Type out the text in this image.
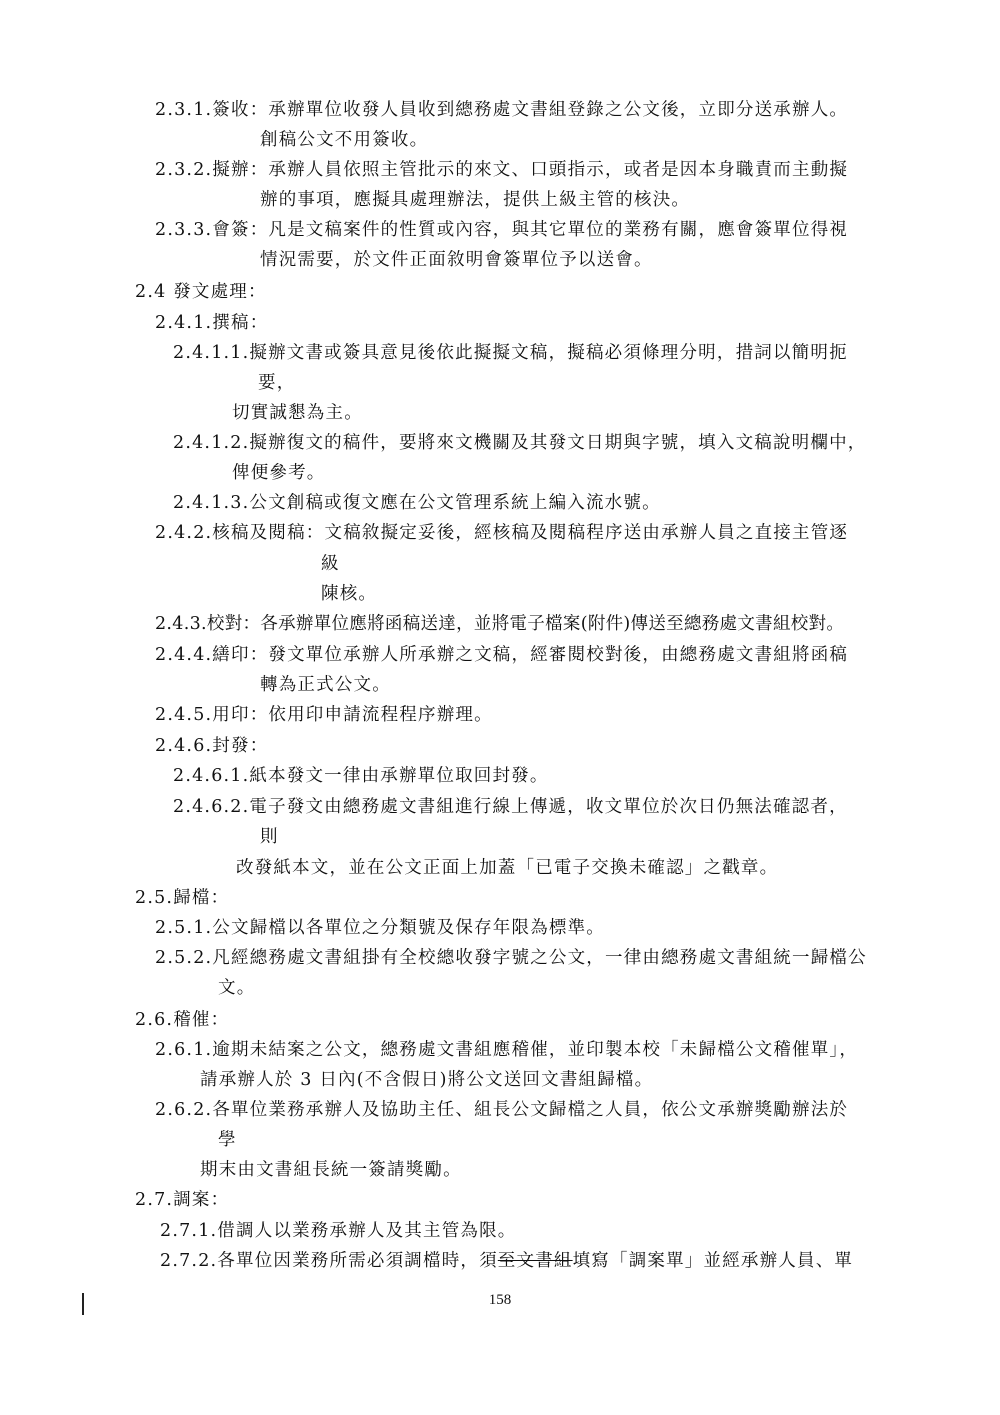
2.3.1.簽收：承辦單位收發人員收到總務處文書組登錄之公文後，立即分送承辦人。
創稿公文不用簽收。
2.3.2.擬辦：承辦人員依照主管批示的來文、口頭指示，或者是因本身職責而主動擬
辦的事項，應擬具處理辦法，提供上級主管的核決。
2.3.3.會簽：凡是文稿案件的性質或內容，與其它單位的業務有關，應會簽單位得視
情況需要，於文件正面敘明會簽單位予以送會。
2.4 發文處理：
2.4.1.撰稿：
2.4.1.1.擬辦文書或簽具意見後依此擬擬文稿，擬稿必須條理分明，措詞以簡明扼
要，
切實誠懇為主。
2.4.1.2.擬辦復文的稿件，要將來文機關及其發文日期與字號，填入文稿說明欄中，
俾便參考。
2.4.1.3.公文創稿或復文應在公文管理系統上編入流水號。
2.4.2.核稿及閱稿：文稿敘擬定妥後，經核稿及閱稿程序送由承辦人員之直接主管逐
級
陳核。
2.4.3.校對：各承辦單位應將函稿送達，並將電子檔案(附件)傳送至總務處文書組校對。
2.4.4.繕印：發文單位承辦人所承辦之文稿，經審閱校對後，由總務處文書組將函稿
轉為正式公文。
2.4.5.用印：依用印申請流程程序辦理。
2.4.6.封發：
2.4.6.1.紙本發文一律由承辦單位取回封發。
2.4.6.2.電子發文由總務處文書組進行線上傳遞，收文單位於次日仍無法確認者，
則
改發紙本文，並在公文正面上加蓋「已電子交換未確認」之戳章。
2.5.歸檔：
2.5.1.公文歸檔以各單位之分類號及保存年限為標準。
2.5.2.凡經總務處文書組掛有全校總收發字號之公文，一律由總務處文書組統一歸檔公
文。
2.6.稽催：
2.6.1.逾期未結案之公文，總務處文書組應稽催，並印製本校「未歸檔公文稽催單」，
請承辦人於 3 日內(不含假日)將公文送回文書組歸檔。
2.6.2.各單位業務承辦人及協助主任、組長公文歸檔之人員，依公文承辦獎勵辦法於
學
期末由文書組長統一簽請獎勵。
2.7.調案：
2.7.1.借調人以業務承辦人及其主管為限。
2.7.2.各單位因業務所需必須調檔時，須至文書組填寫「調案單」並經承辦人員、單
158
